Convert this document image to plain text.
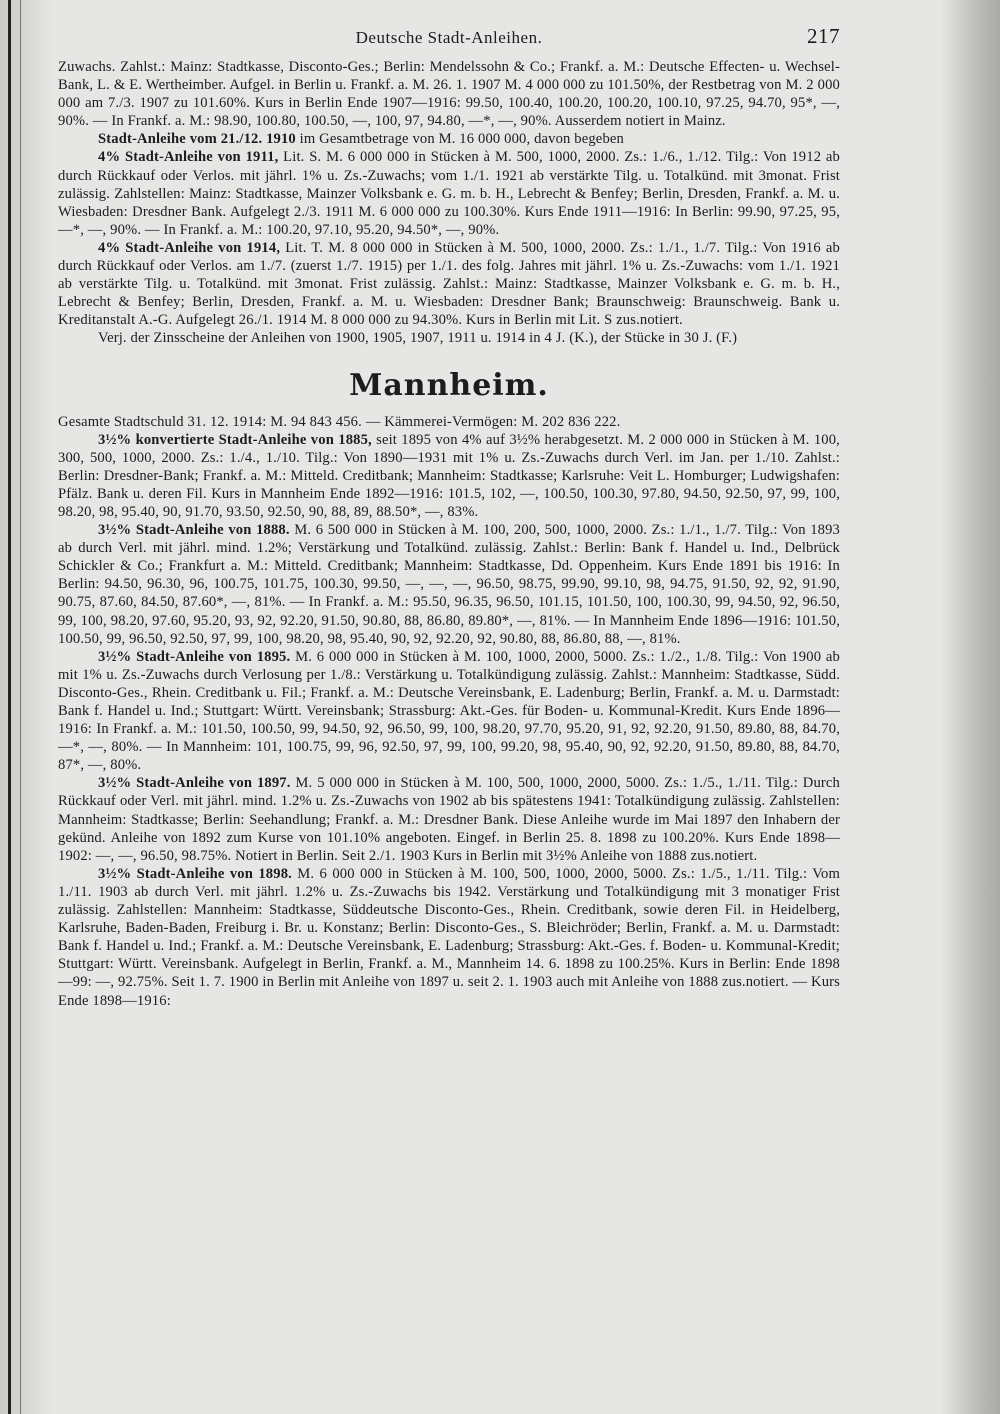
Deutsche Stadt-Anleihen.	217

Zuwachs. Zahlst.: Mainz: Stadtkasse, Disconto-Ges.; Berlin: Mendelssohn & Co.; Frankf. a. M.: Deutsche Effecten- u. Wechsel-Bank, L. & E. Wertheimber. Aufgel. in Berlin u. Frankf. a. M. 26. 1. 1907 M. 4 000 000 zu 101.50%, der Restbetrag von M. 2 000 000 am 7./3. 1907 zu 101.60%. Kurs in Berlin Ende 1907—1916: 99.50, 100.40, 100.20, 100.20, 100.10, 97.25, 94.70, 95*, —, 90%. — In Frankf. a. M.: 98.90, 100.80, 100.50, —, 100, 97, 94.80, —*, —, 90%. Ausserdem notiert in Mainz.

Stadt-Anleihe vom 21./12. 1910 im Gesamtbetrage von M. 16 000 000, davon begeben

4% Stadt-Anleihe von 1911, Lit. S. M. 6 000 000 in Stücken à M. 500, 1000, 2000. Zs.: 1./6., 1./12. Tilg.: Von 1912 ab durch Rückkauf oder Verlos. mit jährl. 1% u. Zs.-Zuwachs; vom 1./1. 1921 ab verstärkte Tilg. u. Totalkünd. mit 3monat. Frist zulässig. Zahlstellen: Mainz: Stadtkasse, Mainzer Volksbank e. G. m. b. H., Lebrecht & Benfey; Berlin, Dresden, Frankf. a. M. u. Wiesbaden: Dresdner Bank. Aufgelegt 2./3. 1911 M. 6 000 000 zu 100.30%. Kurs Ende 1911—1916: In Berlin: 99.90, 97.25, 95, —*, —, 90%. — In Frankf. a. M.: 100.20, 97.10, 95.20, 94.50*, —, 90%.

4% Stadt-Anleihe von 1914, Lit. T. M. 8 000 000 in Stücken à M. 500, 1000, 2000. Zs.: 1./1., 1./7. Tilg.: Von 1916 ab durch Rückkauf oder Verlos. am 1./7. (zuerst 1./7. 1915) per 1./1. des folg. Jahres mit jährl. 1% u. Zs.-Zuwachs: vom 1./1. 1921 ab verstärkte Tilg. u. Totalkünd. mit 3monat. Frist zulässig. Zahlst.: Mainz: Stadtkasse, Mainzer Volksbank e. G. m. b. H., Lebrecht & Benfey; Berlin, Dresden, Frankf. a. M. u. Wiesbaden: Dresdner Bank; Braunschweig: Braunschweig. Bank u. Kreditanstalt A.-G. Aufgelegt 26./1. 1914 M. 8 000 000 zu 94.30%. Kurs in Berlin mit Lit. S zus.notiert.

Verj. der Zinsscheine der Anleihen von 1900, 1905, 1907, 1911 u. 1914 in 4 J. (K.), der Stücke in 30 J. (F.)

Mannheim.

Gesamte Stadtschuld 31. 12. 1914: M. 94 843 456. — Kämmerei-Vermögen: M. 202 836 222.

3½% konvertierte Stadt-Anleihe von 1885, seit 1895 von 4% auf 3½% herabgesetzt. M. 2 000 000 in Stücken à M. 100, 300, 500, 1000, 2000. Zs.: 1./4., 1./10. Tilg.: Von 1890—1931 mit 1% u. Zs.-Zuwachs durch Verl. im Jan. per 1./10. Zahlst.: Berlin: Dresdner-Bank; Frankf. a. M.: Mitteld. Creditbank; Mannheim: Stadtkasse; Karlsruhe: Veit L. Homburger; Ludwigshafen: Pfälz. Bank u. deren Fil. Kurs in Mannheim Ende 1892—1916: 101.5, 102, —, 100.50, 100.30, 97.80, 94.50, 92.50, 97, 99, 100, 98.20, 98, 95.40, 90, 91.70, 93.50, 92.50, 90, 88, 89, 88.50*, —, 83%.

3½% Stadt-Anleihe von 1888. M. 6 500 000 in Stücken à M. 100, 200, 500, 1000, 2000. Zs.: 1./1., 1./7. Tilg.: Von 1893 ab durch Verl. mit jährl. mind. 1.2%; Verstärkung und Totalkünd. zulässig. Zahlst.: Berlin: Bank f. Handel u. Ind., Delbrück Schickler & Co.; Frankfurt a. M.: Mitteld. Creditbank; Mannheim: Stadtkasse, Dd. Oppenheim. Kurs Ende 1891 bis 1916: In Berlin: 94.50, 96.30, 96, 100.75, 101.75, 100.30, 99.50, —, —, —, 96.50, 98.75, 99.90, 99.10, 98, 94.75, 91.50, 92, 92, 91.90, 90.75, 87.60, 84.50, 87.60*, —, 81%. — In Frankf. a. M.: 95.50, 96.35, 96.50, 101.15, 101.50, 100, 100.30, 99, 94.50, 92, 96.50, 99, 100, 98.20, 97.60, 95.20, 93, 92, 92.20, 91.50, 90.80, 88, 86.80, 89.80*, —, 81%. — In Mannheim Ende 1896—1916: 101.50, 100.50, 99, 96.50, 92.50, 97, 99, 100, 98.20, 98, 95.40, 90, 92, 92.20, 92, 90.80, 88, 86.80, 88, —, 81%.

3½% Stadt-Anleihe von 1895. M. 6 000 000 in Stücken à M. 100, 1000, 2000, 5000. Zs.: 1./2., 1./8. Tilg.: Von 1900 ab mit 1% u. Zs.-Zuwachs durch Verlosung per 1./8.: Verstärkung u. Totalkündigung zulässig. Zahlst.: Mannheim: Stadtkasse, Südd. Disconto-Ges., Rhein. Creditbank u. Fil.; Frankf. a. M.: Deutsche Vereinsbank, E. Ladenburg; Berlin, Frankf. a. M. u. Darmstadt: Bank f. Handel u. Ind.; Stuttgart: Württ. Vereinsbank; Strassburg: Akt.-Ges. für Boden- u. Kommunal-Kredit. Kurs Ende 1896—1916: In Frankf. a. M.: 101.50, 100.50, 99, 94.50, 92, 96.50, 99, 100, 98.20, 97.70, 95.20, 91, 92, 92.20, 91.50, 89.80, 88, 84.70, —*, —, 80%. — In Mannheim: 101, 100.75, 99, 96, 92.50, 97, 99, 100, 99.20, 98, 95.40, 90, 92, 92.20, 91.50, 89.80, 88, 84.70, 87*, —, 80%.

3½% Stadt-Anleihe von 1897. M. 5 000 000 in Stücken à M. 100, 500, 1000, 2000, 5000. Zs.: 1./5., 1./11. Tilg.: Durch Rückkauf oder Verl. mit jährl. mind. 1.2% u. Zs.-Zuwachs von 1902 ab bis spätestens 1941: Totalkündigung zulässig. Zahlstellen: Mannheim: Stadtkasse; Berlin: Seehandlung; Frankf. a. M.: Dresdner Bank. Diese Anleihe wurde im Mai 1897 den Inhabern der gekünd. Anleihe von 1892 zum Kurse von 101.10% angeboten. Eingef. in Berlin 25. 8. 1898 zu 100.20%. Kurs Ende 1898—1902: —, —, 96.50, 98.75%. Notiert in Berlin. Seit 2./1. 1903 Kurs in Berlin mit 3½% Anleihe von 1888 zus.notiert.

3½% Stadt-Anleihe von 1898. M. 6 000 000 in Stücken à M. 100, 500, 1000, 2000, 5000. Zs.: 1./5., 1./11. Tilg.: Vom 1./11. 1903 ab durch Verl. mit jährl. 1.2% u. Zs.-Zuwachs bis 1942. Verstärkung und Totalkündigung mit 3 monatiger Frist zulässig. Zahlstellen: Mannheim: Stadtkasse, Süddeutsche Disconto-Ges., Rhein. Creditbank, sowie deren Fil. in Heidelberg, Karlsruhe, Baden-Baden, Freiburg i. Br. u. Konstanz; Berlin: Disconto-Ges., S. Bleichröder; Berlin, Frankf. a. M. u. Darmstadt: Bank f. Handel u. Ind.; Frankf. a. M.: Deutsche Vereinsbank, E. Ladenburg; Strassburg: Akt.-Ges. f. Boden- u. Kommunal-Kredit; Stuttgart: Württ. Vereinsbank. Aufgelegt in Berlin, Frankf. a. M., Mannheim 14. 6. 1898 zu 100.25%. Kurs in Berlin: Ende 1898—99: —, 92.75%. Seit 1. 7. 1900 in Berlin mit Anleihe von 1897 u. seit 2. 1. 1903 auch mit Anleihe von 1888 zus.notiert. — Kurs Ende 1898—1916:
